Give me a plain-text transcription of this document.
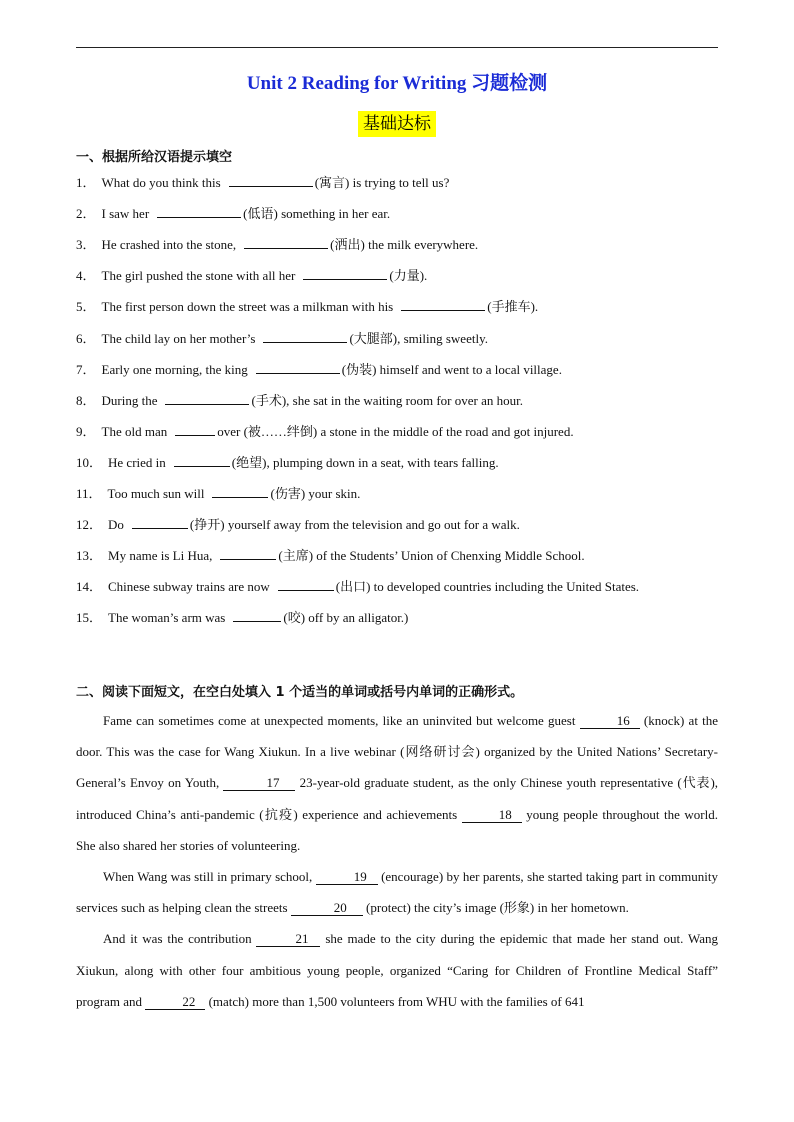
Unit 2 Reading for Writing 习题检测
基础达标
一、根据所给汉语提示填空
1． What do you think this	(寓言) is trying to tell us?
2． I saw her	(低语) something in her ear.
3． He crashed into the stone,	(洒出) the milk everywhere.
4． The girl pushed the stone with all her	(力量).
5． The first person down the street was a milkman with his	(手推车).
6． The child lay on her mother’s	(大腿部), smiling sweetly.
7． Early one morning, the king	(伪装) himself and went to a local village.
8． During the	(手术), she sat in the waiting room for over an hour.
9． The old man	over (被……绊倒) a stone in the middle of the road and got injured.
10． He cried in	(绝望), plumping down in a seat, with tears falling.
11． Too much sun will	(伤害) your skin.
12． Do	(挣开) yourself away from the television and go out for a walk.
13． My name is Li Hua,	(主席) of the Students’ Union of Chenxing Middle School.
14． Chinese subway trains are now	(出口) to developed countries including the United States.
15． The woman’s arm was	(咬) off by an alligator.)
二、阅读下面短文，在空白处填入 1 个适当的单词或括号内单词的正确形式。

Fame can sometimes come at unexpected moments, like an uninvited but welcome guest	16 (knock) at the door. This was the case for Wang Xiukun. In a live webinar (网络研讨会) organized by the United Nations’ Secretary-General’s Envoy on Youth,	17 23-year-old graduate student, as the only Chinese youth representative (代表), introduced China’s anti-pandemic (抗疫) experience and achievements	18 young people throughout the world. She also shared her stories of volunteering.

When Wang was still in primary school,	19 (encourage) by her parents, she started taking part in community services such as helping clean the streets	20 (protect) the city’s image (形象) in her hometown.

And it was the contribution	21 she made to the city during the epidemic that made her stand out. Wang Xiukun, along with other four ambitious young people, organized “Caring for Children of Frontline Medical Staff” program and	22 (match) more than 1,500 volunteers from WHU with the families of 641
